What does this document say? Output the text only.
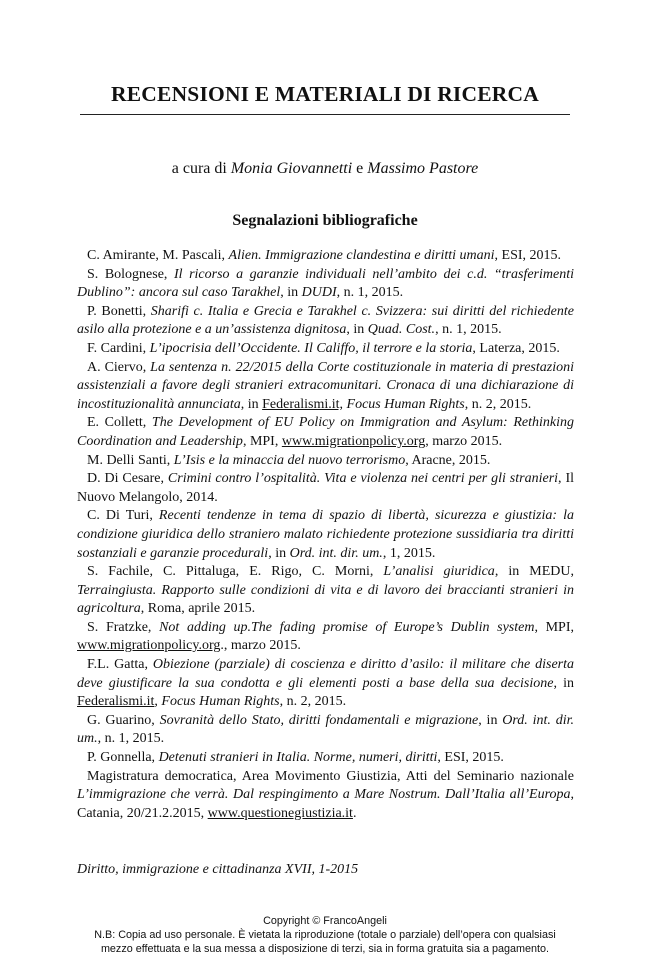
RECENSIONI E MATERIALI DI RICERCA
a cura di Monia Giovannetti e Massimo Pastore
Segnalazioni bibliografiche

C. Amirante, M. Pascali, Alien. Immigrazione clandestina e diritti umani, ESI, 2015.

S. Bolognese, Il ricorso a garanzie individuali nell’ambito dei c.d. “trasferimenti Dublino”: ancora sul caso Tarakhel, in DUDI, n. 1, 2015.

P. Bonetti, Sharifi c. Italia e Grecia e Tarakhel c. Svizzera: sui diritti del richiedente asilo alla protezione e a un’assistenza dignitosa, in Quad. Cost., n. 1, 2015.

F. Cardini, L’ipocrisia dell’Occidente. Il Califfo, il terrore e la storia, Laterza, 2015.

A. Ciervo, La sentenza n. 22/2015 della Corte costituzionale in materia di prestazioni assistenziali a favore degli stranieri extracomunitari. Cronaca di una dichiarazione di incostituzionalità annunciata, in Federalismi.it, Focus Human Rights, n. 2, 2015.

E. Collett, The Development of EU Policy on Immigration and Asylum: Rethinking Coordination and Leadership, MPI, www.migrationpolicy.org, marzo 2015.

M. Delli Santi, L’Isis e la minaccia del nuovo terrorismo, Aracne, 2015.

D. Di Cesare, Crimini contro l’ospitalità. Vita e violenza nei centri per gli stranieri, Il Nuovo Melangolo, 2014.

C. Di Turi, Recenti tendenze in tema di spazio di libertà, sicurezza e giustizia: la condizione giuridica dello straniero malato richiedente protezione sussidiaria tra diritti sostanziali e garanzie procedurali, in Ord. int. dir. um., 1, 2015.

S. Fachile, C. Pittaluga, E. Rigo, C. Morni, L’analisi giuridica, in MEDU, Terraingiusta. Rapporto sulle condizioni di vita e di lavoro dei braccianti stranieri in agricoltura, Roma, aprile 2015.

S. Fratzke, Not adding up.The fading promise of Europe’s Dublin system, MPI, www.migrationpolicy.org., marzo 2015.

F.L. Gatta, Obiezione (parziale) di coscienza e diritto d’asilo: il militare che diserta deve giustificare la sua condotta e gli elementi posti a base della sua decisione, in Federalismi.it, Focus Human Rights, n. 2, 2015.

G. Guarino, Sovranità dello Stato, diritti fondamentali e migrazione, in Ord. int. dir. um., n. 1, 2015.

P. Gonnella, Detenuti stranieri in Italia. Norme, numeri, diritti, ESI, 2015.

Magistratura democratica, Area Movimento Giustizia, Atti del Seminario nazionale L’immigrazione che verrà. Dal respingimento a Mare Nostrum. Dall’Italia all’Europa, Catania, 20/21.2.2015, www.questionegiustizia.it.

Diritto, immigrazione e cittadinanza XVII, 1-2015
Copyright © FrancoAngeli
N.B: Copia ad uso personale. È vietata la riproduzione (totale o parziale) dell’opera con qualsiasi
mezzo effettuata e la sua messa a disposizione di terzi, sia in forma gratuita sia a pagamento.
